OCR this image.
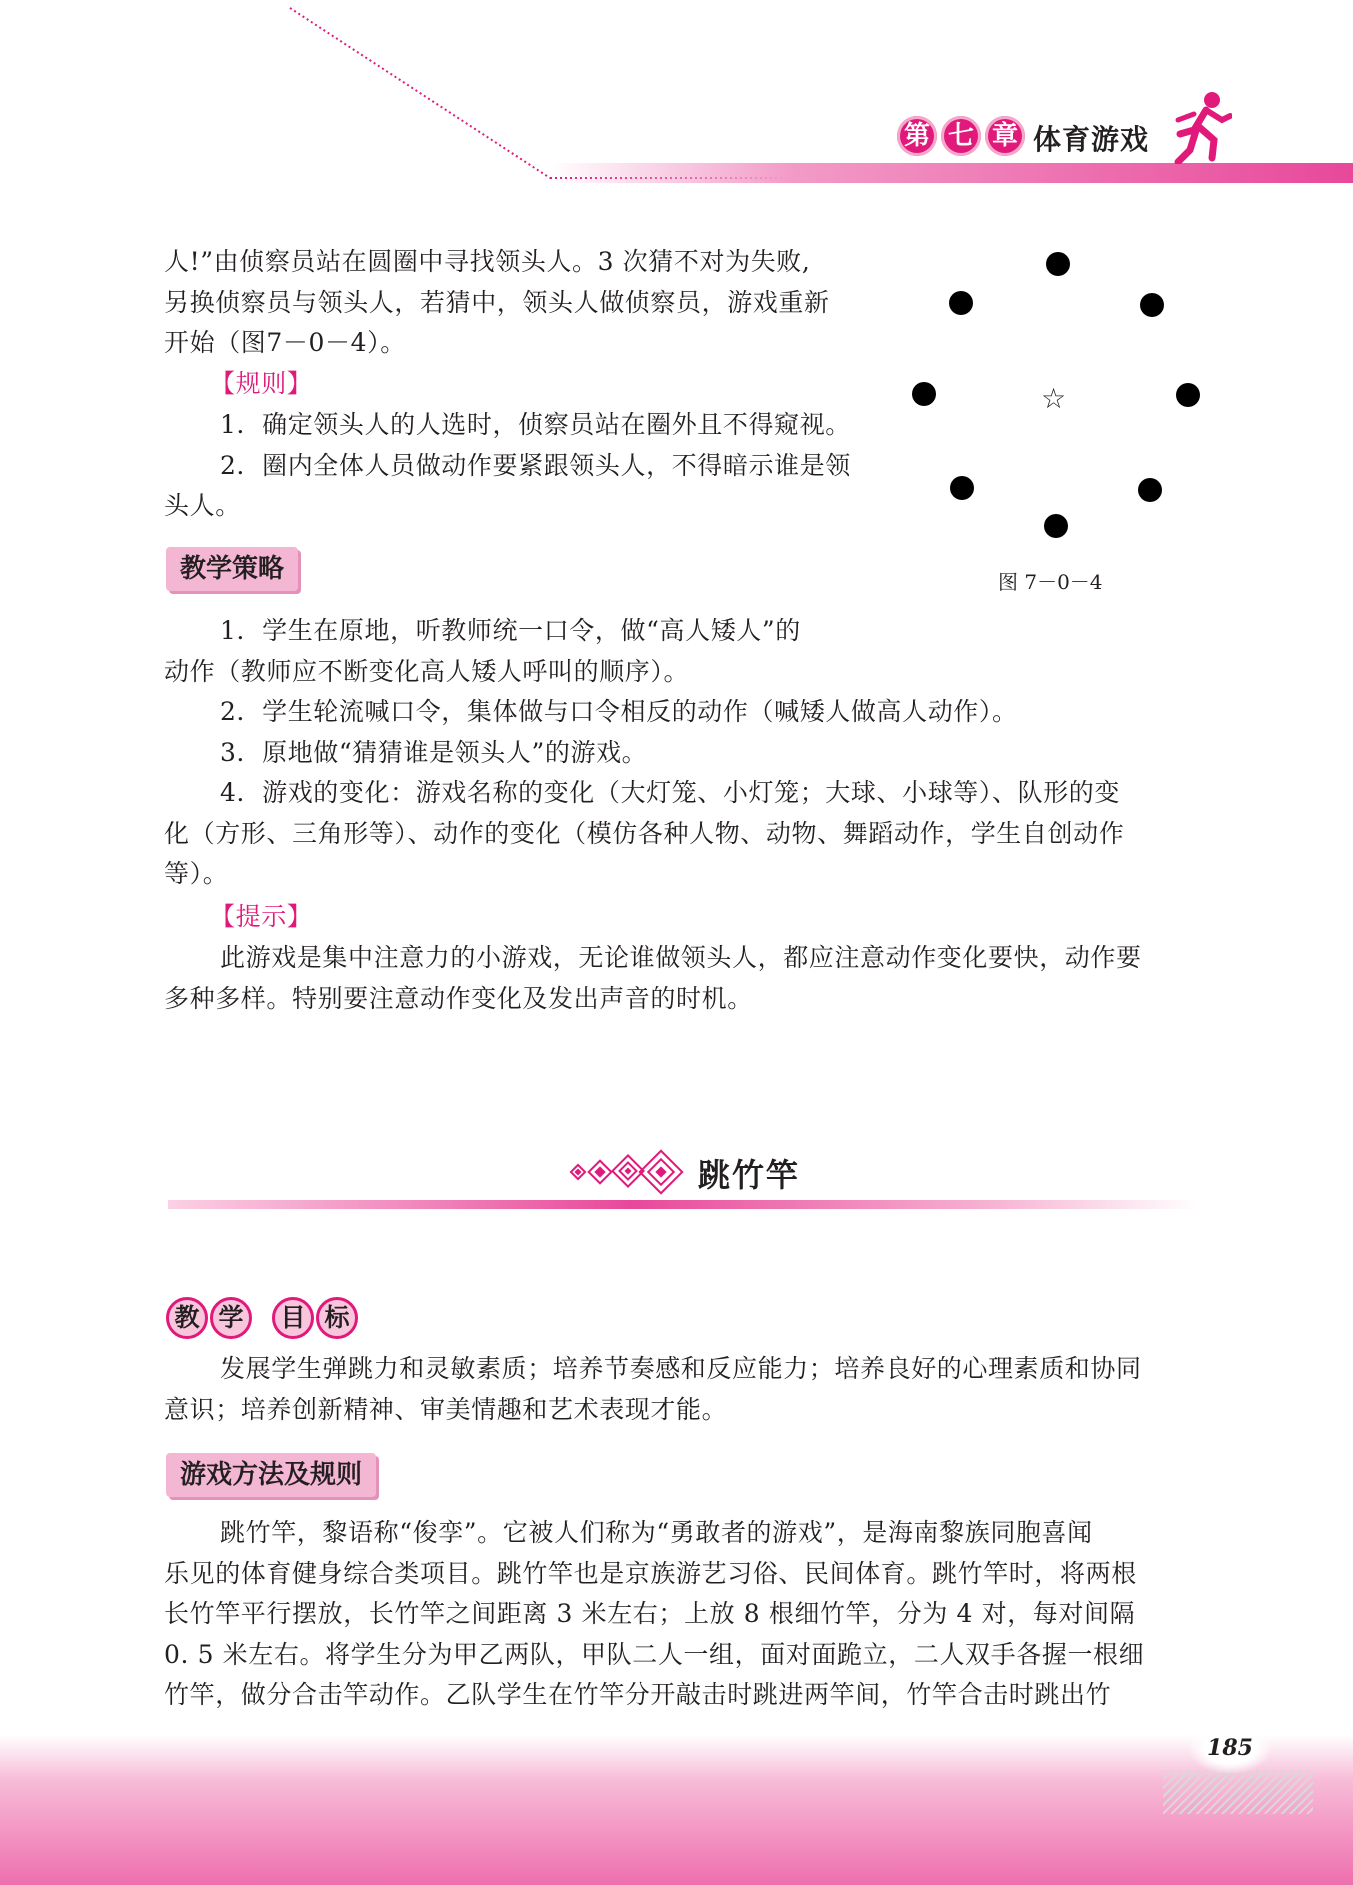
第 七 章 体育游戏
人!”由侦察员站在圆圈中寻找领头人。3 次猜不对为失败,
另换侦察员与领头人，若猜中，领头人做侦察员，游戏重新
开始（图7－0－4）。
【规则】
1．确定领头人的人选时，侦察员站在圈外且不得窥视。
2．圈内全体人员做动作要紧跟领头人，不得暗示谁是领
头人。
☆
图 7－0－4
教学策略
1．学生在原地，听教师统一口令，做“高人矮人”的
动作（教师应不断变化高人矮人呼叫的顺序）。
2．学生轮流喊口令，集体做与口令相反的动作（喊矮人做高人动作）。
3．原地做“猜猜谁是领头人”的游戏。
4．游戏的变化：游戏名称的变化（大灯笼、小灯笼；大球、小球等）、队形的变
化（方形、三角形等）、动作的变化（模仿各种人物、动物、舞蹈动作，学生自创动作
等）。
【提示】
此游戏是集中注意力的小游戏，无论谁做领头人，都应注意动作变化要快，动作要
多种多样。特别要注意动作变化及发出声音的时机。
跳竹竿
教 学	目 标
发展学生弹跳力和灵敏素质；培养节奏感和反应能力；培养良好的心理素质和协同
意识；培养创新精神、审美情趣和艺术表现才能。
游戏方法及规则
跳竹竿，黎语称“俊孪”。它被人们称为“勇敢者的游戏”，是海南黎族同胞喜闻
乐见的体育健身综合类项目。跳竹竿也是京族游艺习俗、民间体育。跳竹竿时，将两根
长竹竿平行摆放，长竹竿之间距离 3 米左右；上放 8 根细竹竿，分为 4 对，每对间隔
0. 5 米左右。将学生分为甲乙两队，甲队二人一组，面对面跪立，二人双手各握一根细
竹竿，做分合击竿动作。乙队学生在竹竿分开敲击时跳进两竿间，竹竿合击时跳出竹
185
